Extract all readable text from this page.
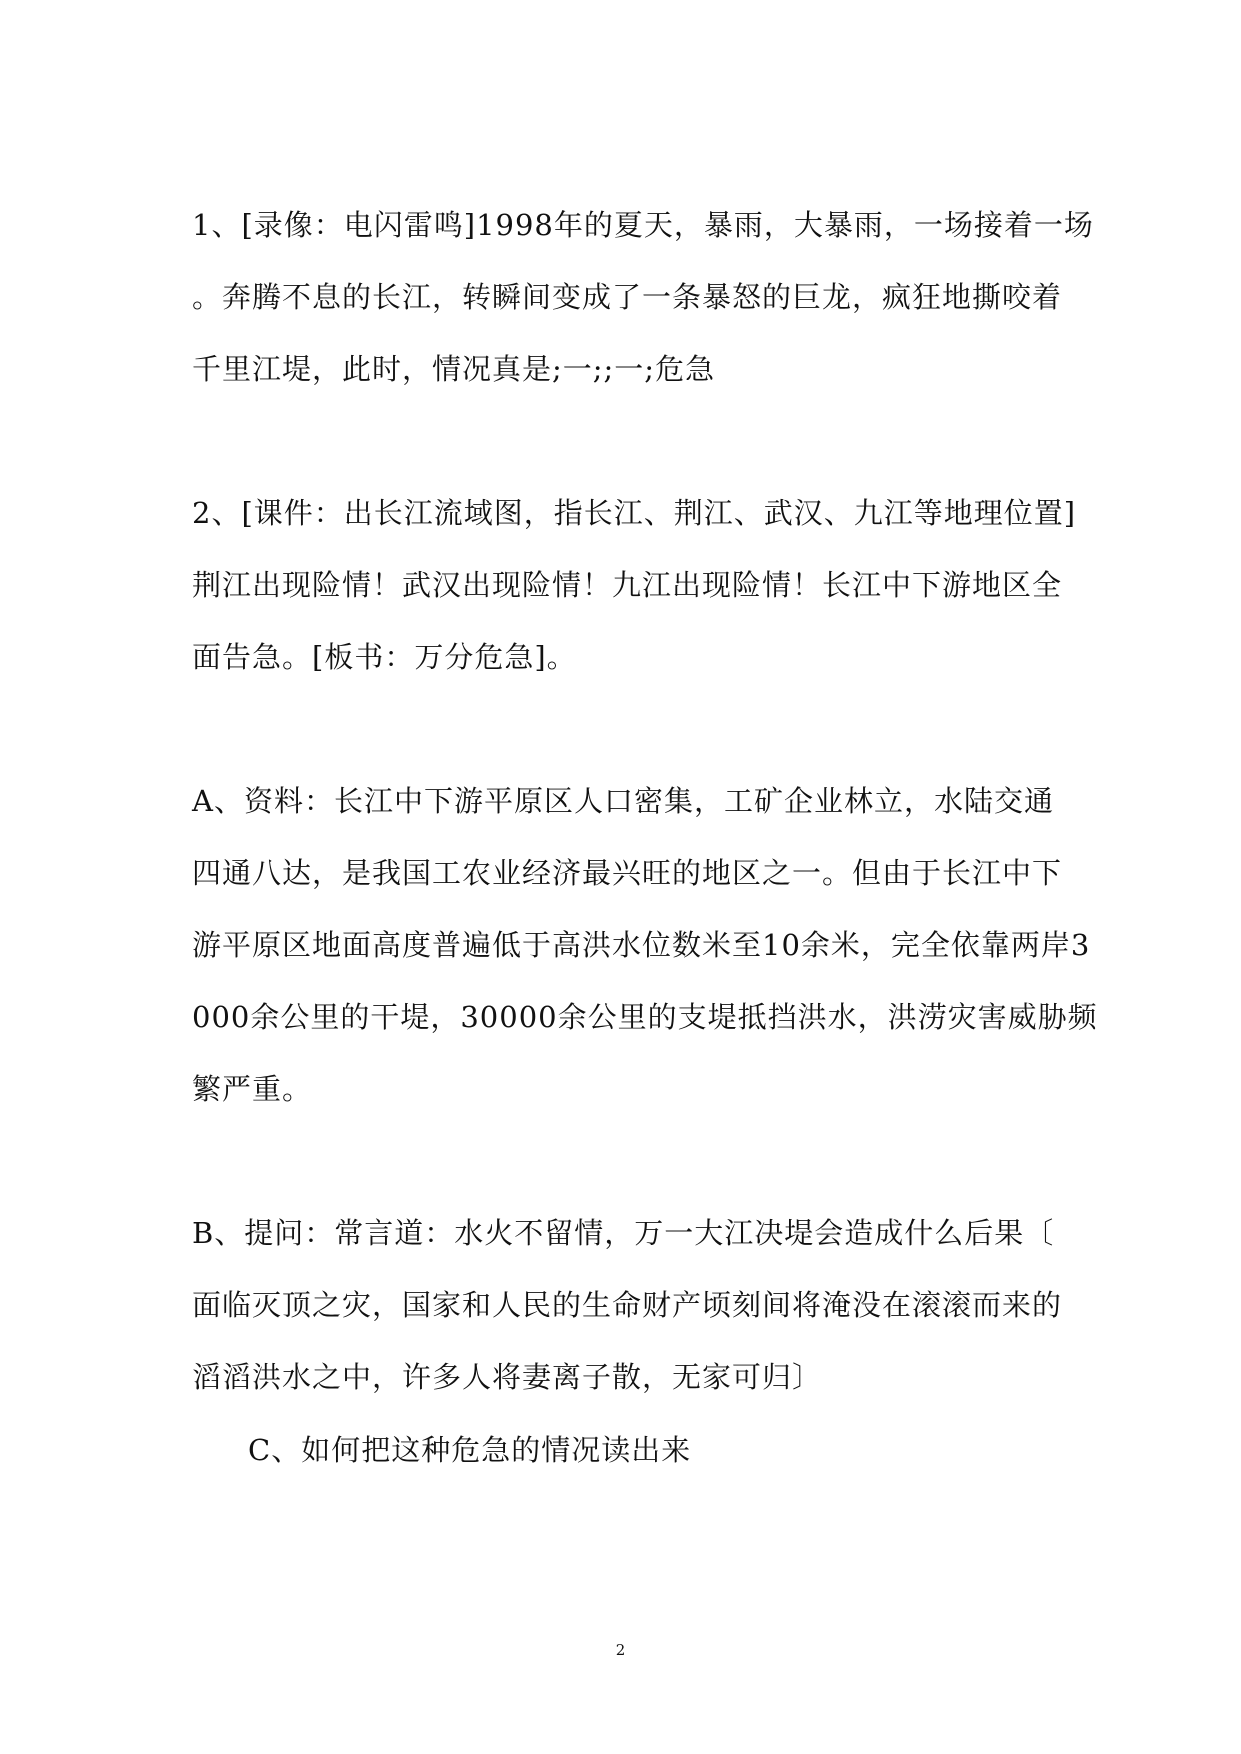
1、[录像：电闪雷鸣]1998年的夏天，暴雨，大暴雨，一场接着一场
。奔腾不息的长江，转瞬间变成了一条暴怒的巨龙，疯狂地撕咬着
千里江堤，此时，情况真是;一;;一;危急
2、[课件：出长江流域图，指长江、荆江、武汉、九江等地理位置]
荆江出现险情！武汉出现险情！九江出现险情！长江中下游地区全
面告急。[板书：万分危急]。
A、资料：长江中下游平原区人口密集，工矿企业林立，水陆交通
四通八达，是我国工农业经济最兴旺的地区之一。但由于长江中下
游平原区地面高度普遍低于高洪水位数米至10余米，完全依靠两岸3
000余公里的干堤，30000余公里的支堤抵挡洪水，洪涝灾害威胁频
繁严重。
B、提问：常言道：水火不留情，万一大江决堤会造成什么后果〔
面临灭顶之灾，国家和人民的生命财产顷刻间将淹没在滚滚而来的
滔滔洪水之中，许多人将妻离子散，无家可归〕
C、如何把这种危急的情况读出来
2
